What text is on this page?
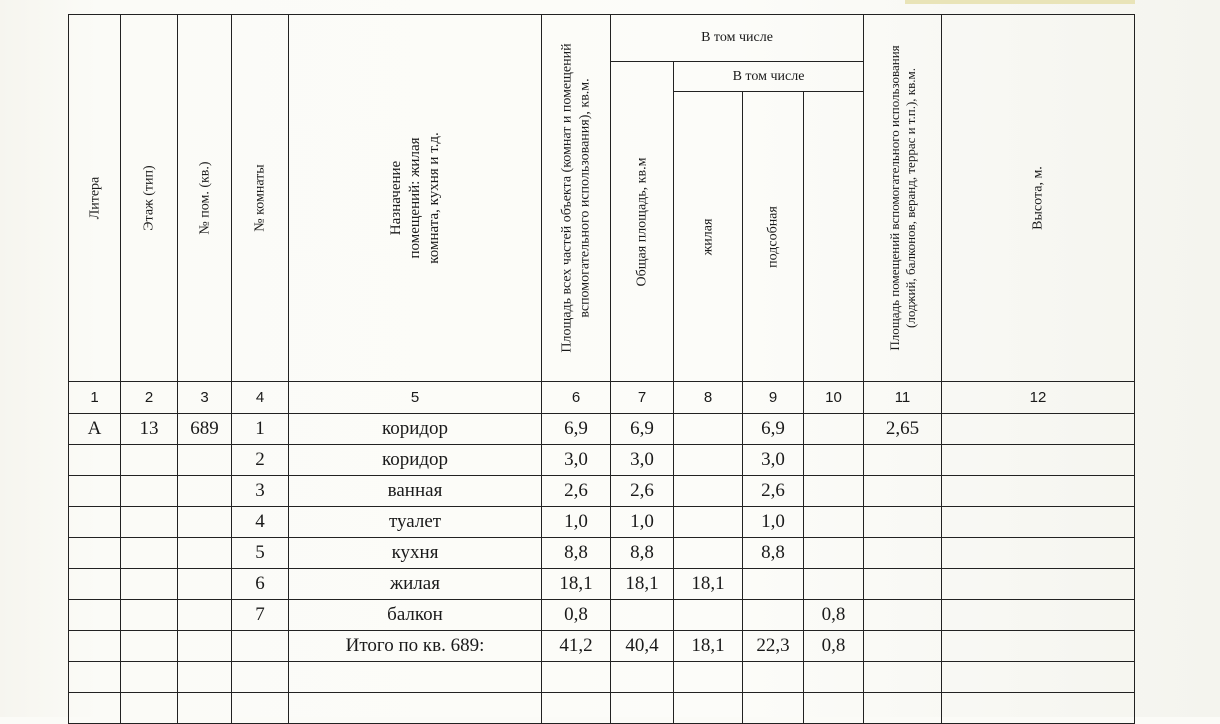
Литера	Этаж (тип)	№ пом. (кв.)	№ комнаты	Назначение помещений: жилая комната, кухня и т.д.	Площадь всех частей объекта (комнат и помещений вспомогательного использования), кв.м.	В том числе				Площадь помещений вспомогательного использования (лоджий, балконов, веранд, террас и т.п.), кв.м.	Высота, м.

						Общая площадь, кв.м	В том числе					

							жилая	подсобная				

1	2	3	4	5	6	7	8	9	10	11	12	
А	13	689	1	коридор	6,9	6,9		6,9		2,65		
			2	коридор	3,0	3,0		3,0				
			3	ванная	2,6	2,6		2,6				
			4	туалет	1,0	1,0		1,0				
			5	кухня	8,8	8,8		8,8				
			6	жилая	18,1	18,1	18,1					
			7	балкон	0,8				0,8			
				Итого по кв. 689:	41,2	40,4	18,1	22,3	0,8			
